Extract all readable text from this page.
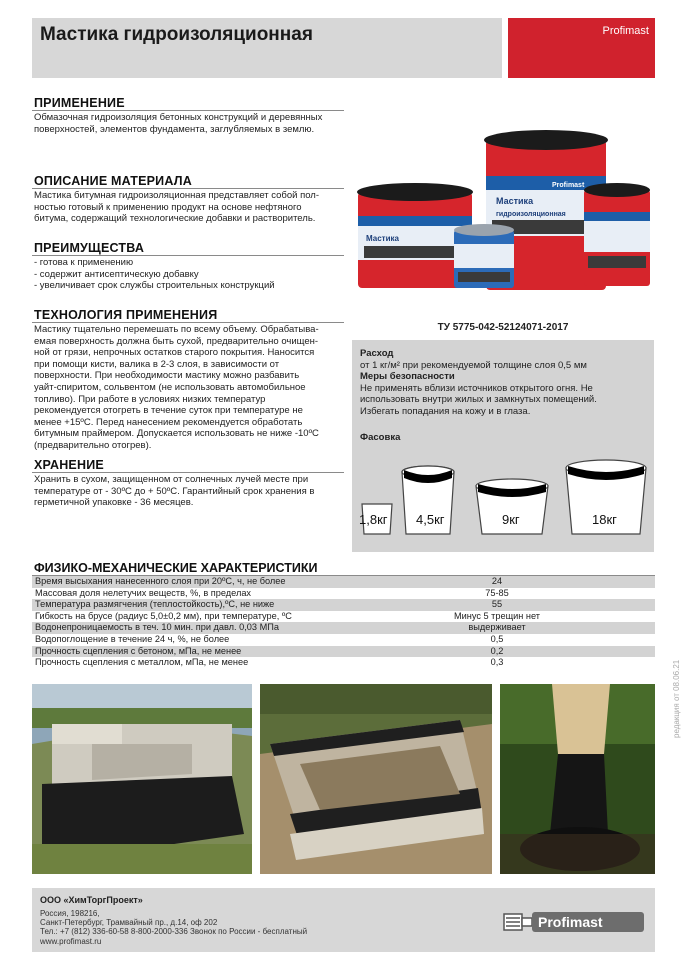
Мастика гидроизоляционная	Profimast
ПРИМЕНЕНИЕ
Обмазочная гидроизоляция бетонных конструкций и деревянных
поверхностей, элементов фундамента, заглубляемых в землю.
ОПИСАНИЕ МАТЕРИАЛА
Мастика битумная гидроизоляционная представляет собой пол-
ностью готовый к применению продукт на основе нефтяного
битума, содержащий технологические добавки и растворитель.
ПРЕИМУЩЕСТВА
- готова к применению
- содержит антисептическую добавку
- увеличивает срок службы строительных конструкций
ТЕХНОЛОГИЯ ПРИМЕНЕНИЯ
Мастику тщательно перемешать по всему объему. Обрабатыва-
емая поверхность должна быть сухой, предварительно очищен-
ной от грязи, непрочных остатков старого покрытия. Наносится
при помощи кисти, валика в 2-3 слоя, в зависимости от
поверхности. При необходимости мастику можно разбавить
уайт-спиритом, сольвентом (не использовать автомобильное
топливо). При работе в условиях низких температур
рекомендуется отогреть в течение суток при температуре не
менее +15ºС. Перед нанесением рекомендуется обработать
битумным праймером. Допускается использовать не ниже -10ºС
(предварительно отогрев).
ХРАНЕНИЕ
Хранить в сухом, защищенном от солнечных лучей месте при
температуре от - 30ºС до + 50ºС. Гарантийный срок хранения в
герметичной упаковке - 36 месяцев.
Мастика
гидроизоляционная
Profimast
Мастика
ТУ 5775-042-52124071-2017
Расход
от 1 кг/м² при рекомендуемой толщине слоя 0,5 мм
Меры безопасности
Не применять вблизи источников открытого огня. Не
использовать внутри жилых и замкнутых помещений.
Избегать попадания на кожу и в глаза.
Фасовка
1,8кг 4,5кг	9кг	18кг
ФИЗИКО-МЕХАНИЧЕСКИЕ ХАРАКТЕРИСТИКИ
Время высыхания нанесенного слоя при 20ºС, ч, не более	24
Массовая доля нелетучих веществ, %, в пределах	75-85
Температура размягчения (теплостойкость),ºС, не ниже	55
Гибкость на брусе (радиус 5,0±0,2 мм), при температуре, ºС	Минус 5 трещин нет
Водонепроницаемость в теч. 10 мин. при давл. 0,03 МПа	выдерживает
Водопоглощение в течение 24 ч, %, не более	0,5
Прочность сцепления с бетоном, мПа, не менее	0,2
Прочность сцепления с металлом, мПа, не менее	0,3	редакция от 08.06.21
ООО «ХимТоргПроект»
Россия, 198216,
Санкт-Петербург, Трамвайный пр., д.14, оф 202
Тел.: +7 (812) 336-60-58 8-800-2000-336 Звонок по России - бесплатный
www.profimast.ru
Profimast
